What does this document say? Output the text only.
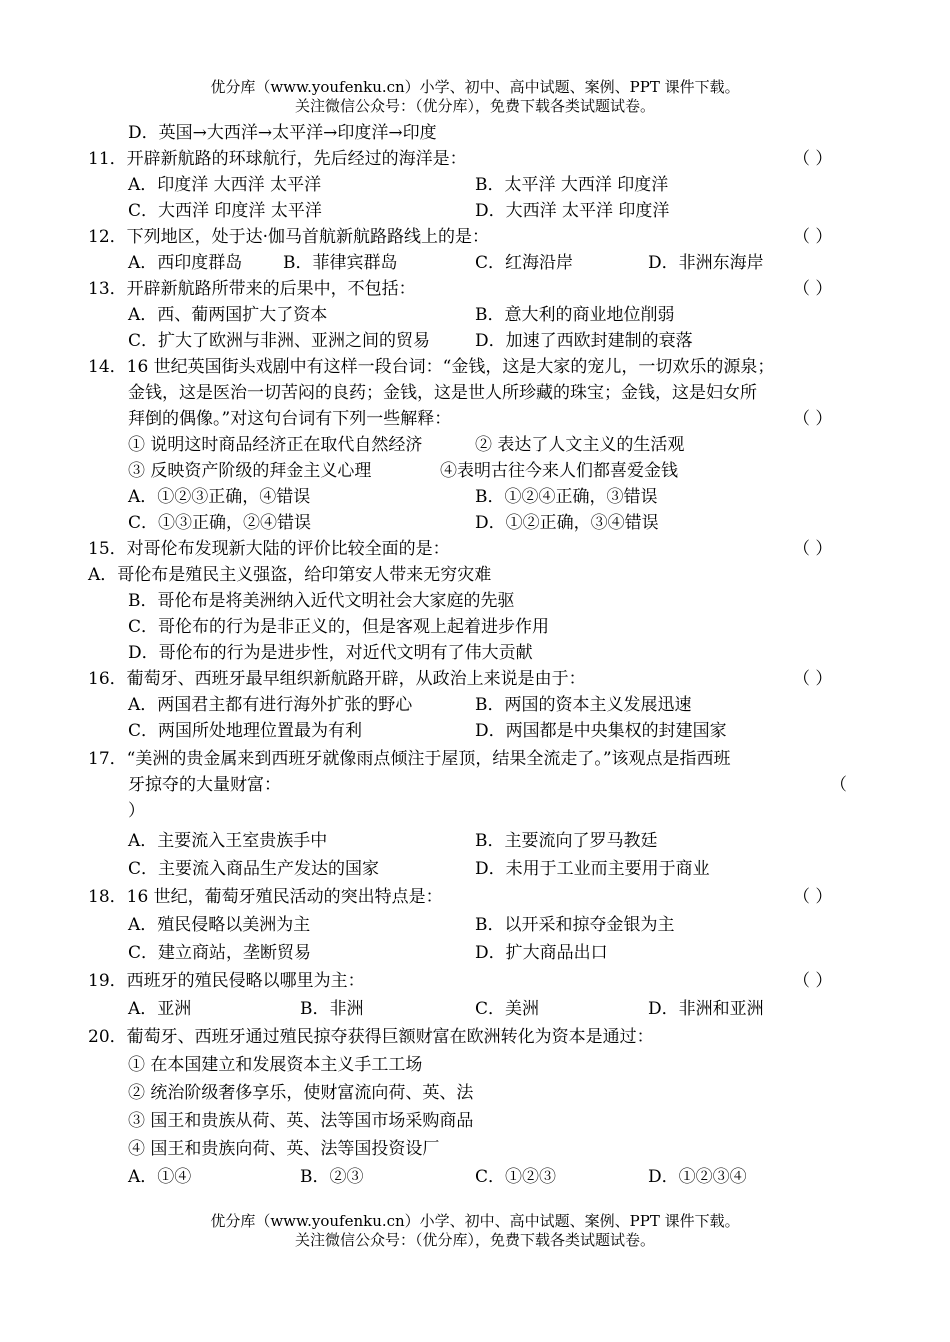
优分库（www.youfenku.cn）小学、初中、高中试题、案例、PPT 课件下载。
关注微信公众号：（优分库），免费下载各类试题试卷。
D．英国→大西洋→太平洋→印度洋→印度
11．开辟新航路的环球航行，先后经过的海洋是：	（ ）
A．印度洋 大西洋 太平洋	B．太平洋 大西洋 印度洋
C．大西洋 印度洋 太平洋	D．大西洋 太平洋 印度洋
12．下列地区，处于达·伽马首航新航路路线上的是：	（ ）
A．西印度群岛 B．菲律宾群岛	C．红海沿岸	D．非洲东海岸
13．开辟新航路所带来的后果中，不包括：	（ ）
A．西、葡两国扩大了资本	B．意大利的商业地位削弱
C．扩大了欧洲与非洲、亚洲之间的贸易	D．加速了西欧封建制的衰落
14．16 世纪英国街头戏剧中有这样一段台词：“金钱，这是大家的宠儿，一切欢乐的源泉；
金钱，这是医治一切苦闷的良药；金钱，这是世人所珍藏的珠宝；金钱，这是妇女所
拜倒的偶像。”对这句台词有下列一些解释：	（ ）
① 说明这时商品经济正在取代自然经济	② 表达了人文主义的生活观
③ 反映资产阶级的拜金主义心理	④表明古往今来人们都喜爱金钱
A．①②③正确，④错误	B．①②④正确，③错误
C．①③正确，②④错误	D．①②正确，③④错误
15．对哥伦布发现新大陆的评价比较全面的是：	（ ）
A．哥伦布是殖民主义强盗，给印第安人带来无穷灾难
B．哥伦布是将美洲纳入近代文明社会大家庭的先驱
C．哥伦布的行为是非正义的，但是客观上起着进步作用
D．哥伦布的行为是进步性，对近代文明有了伟大贡献
16．葡萄牙、西班牙最早组织新航路开辟，从政治上来说是由于：	（ ）
A．两国君主都有进行海外扩张的野心	B．两国的资本主义发展迅速
C．两国所处地理位置最为有利	D．两国都是中央集权的封建国家
17．“美洲的贵金属来到西班牙就像雨点倾注于屋顶，结果全流走了。”该观点是指西班
牙掠夺的大量财富：	（
）
A．主要流入王室贵族手中	B．主要流向了罗马教廷
C．主要流入商品生产发达的国家	D．未用于工业而主要用于商业
18．16 世纪，葡萄牙殖民活动的突出特点是：	（ ）
A．殖民侵略以美洲为主	B．以开采和掠夺金银为主
C．建立商站，垄断贸易	D．扩大商品出口
19．西班牙的殖民侵略以哪里为主：	（ ）
A．亚洲	B．非洲	C．美洲	D．非洲和亚洲
20．葡萄牙、西班牙通过殖民掠夺获得巨额财富在欧洲转化为资本是通过：
① 在本国建立和发展资本主义手工工场
② 统治阶级奢侈享乐，使财富流向荷、英、法
③ 国王和贵族从荷、英、法等国市场采购商品
④ 国王和贵族向荷、英、法等国投资设厂
A．①④	B．②③	C．①②③	D．①②③④
优分库（www.youfenku.cn）小学、初中、高中试题、案例、PPT 课件下载。
关注微信公众号：（优分库），免费下载各类试题试卷。
